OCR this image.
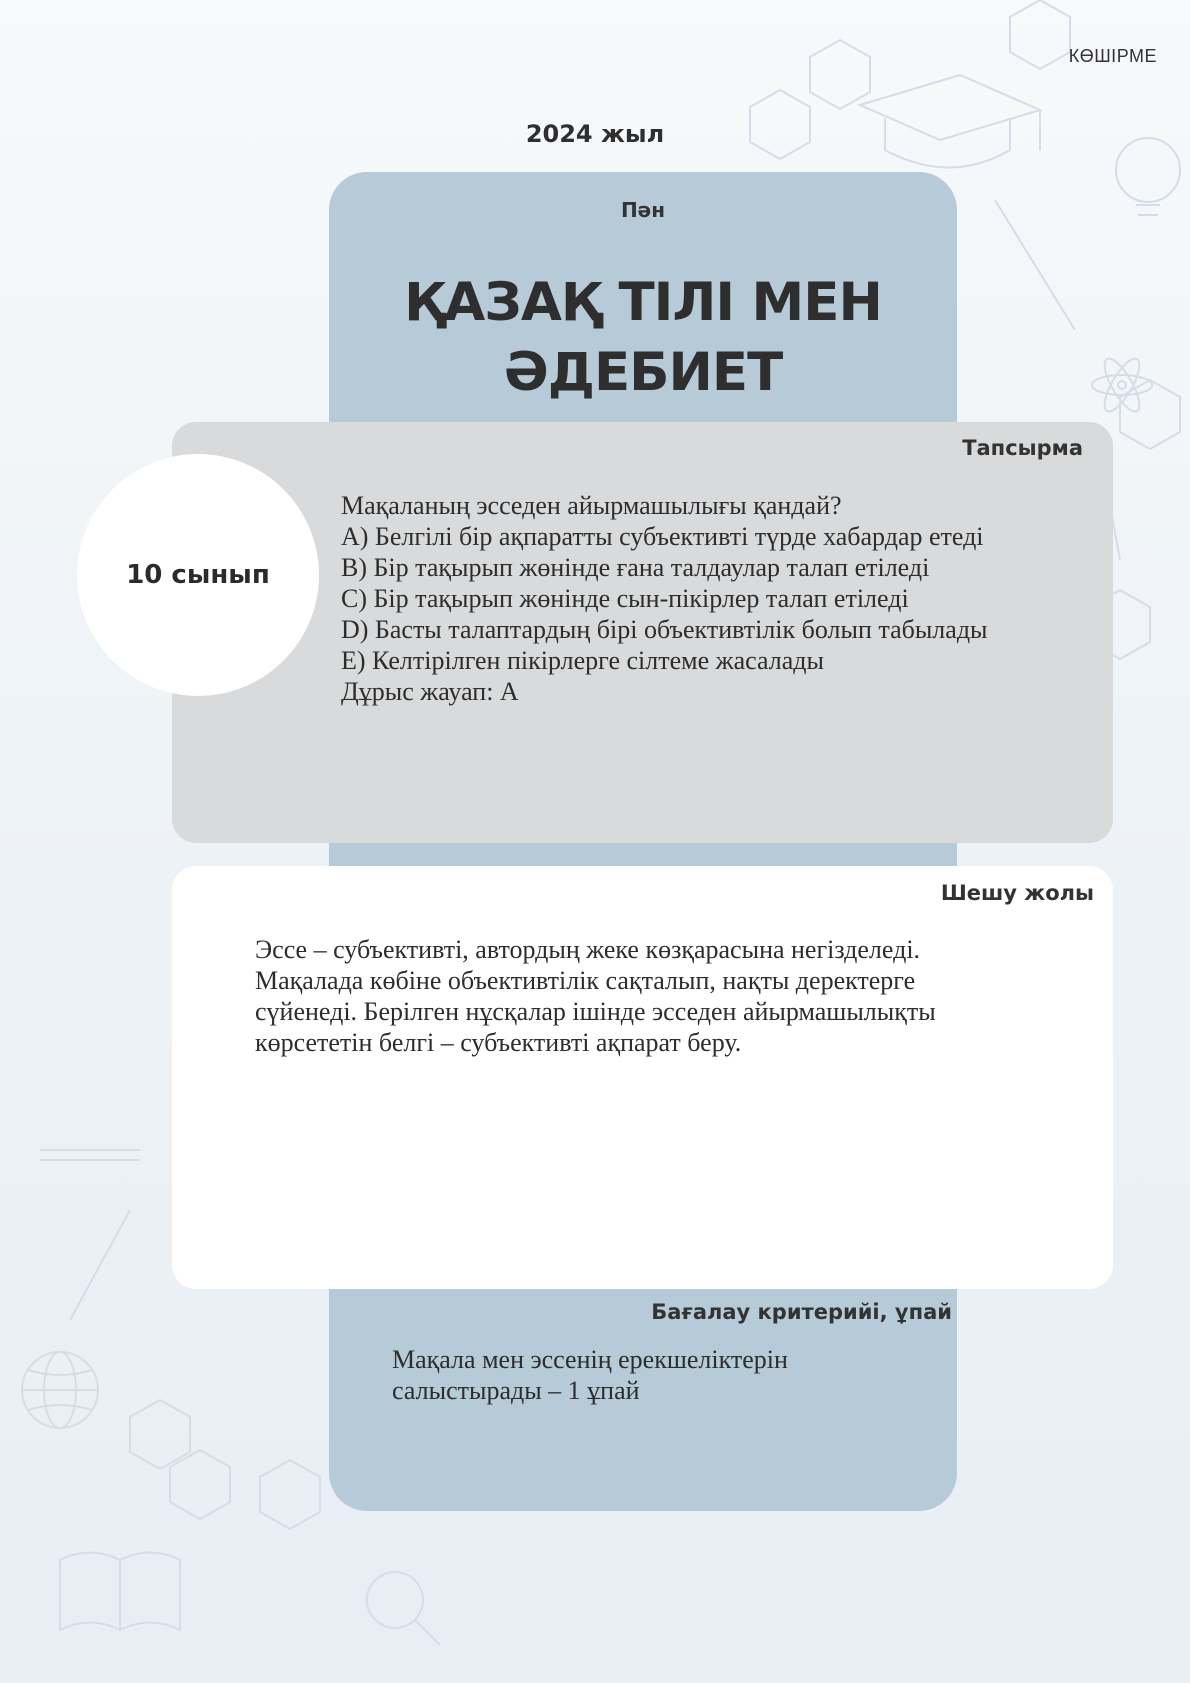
КӨШІРМЕ
2024 жыл
Пән
ҚАЗАҚ ТІЛІ МЕН
ӘДЕБИЕТ
Тапсырма
10 сынып
Мақаланың эсседен айырмашылығы қандай?
A) Белгілі бір ақпаратты субъективті түрде хабардар етеді
B) Бір тақырып жөнінде ғана талдаулар талап етіледі
C) Бір тақырып жөнінде сын-пікірлер талап етіледі
D) Басты талаптардың бірі объективтілік болып табылады
E) Келтірілген пікірлерге сілтеме жасалады
Дұрыс жауап: А
Шешу жолы
Эссе – субъективті, автордың жеке көзқарасына негізделеді.
Мақалада көбіне объективтілік сақталып, нақты деректерге
сүйенеді. Берілген нұсқалар ішінде эсседен айырмашылықты
көрсететін белгі – субъективті ақпарат беру.
Бағалау критерийі, ұпай
Мақала мен эссенің ерекшеліктерін
салыстырады – 1 ұпай
